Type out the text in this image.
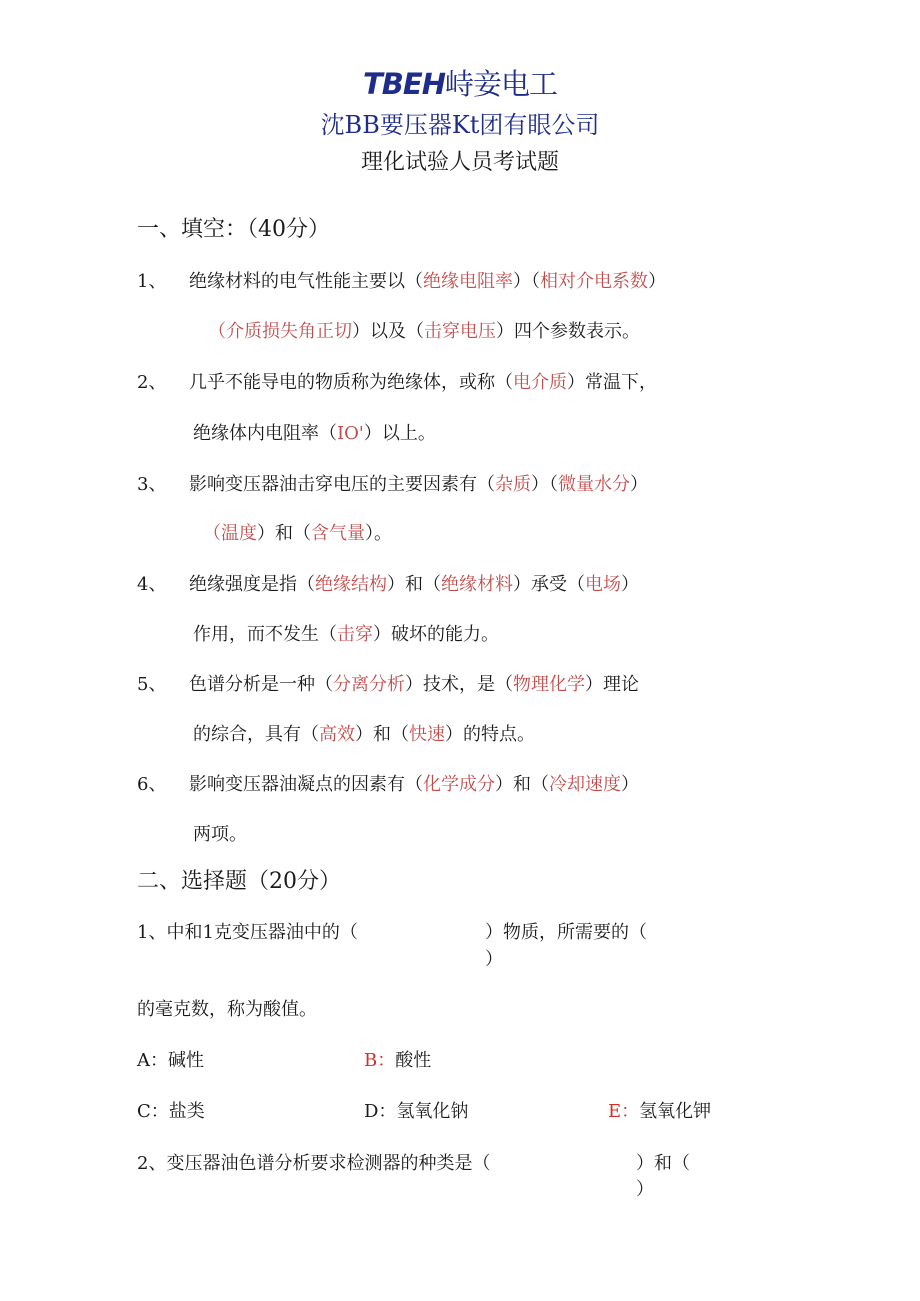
TBEH峙妾电工
沈BB要压器Kt团有眼公司
理化试验人员考试题
一、填空：（40分）
1、 绝缘材料的电气性能主要以（绝缘电阻率）（相对介电系数）
（介质损失角正切）以及（击穿电压）四个参数表示。
2、 几乎不能导电的物质称为绝缘体，或称（电介质）常温下，
绝缘体内电阻率（IO'）以上。
3、 影响变压器油击穿电压的主要因素有（杂质）（微量水分）
（温度）和（含气量）。
4、 绝缘强度是指（绝缘结构）和（绝缘材料）承受（电场）
作用，而不发生（击穿）破坏的能力。
5、 色谱分析是一种（分离分析）技术，是（物理化学）理论
的综合，具有（高效）和（快速）的特点。
6、 影响变压器油凝点的因素有（化学成分）和（冷却速度）
两项。
二、选择题（20分）
1、中和1克变压器油中的（	）物质，所需要的（
）
的毫克数，称为酸值。
A：碱性	B：酸性
C：盐类	D：氢氧化钠	E：氢氧化钾
2、变压器油色谱分析要求检测器的种类是（	）和（
）
